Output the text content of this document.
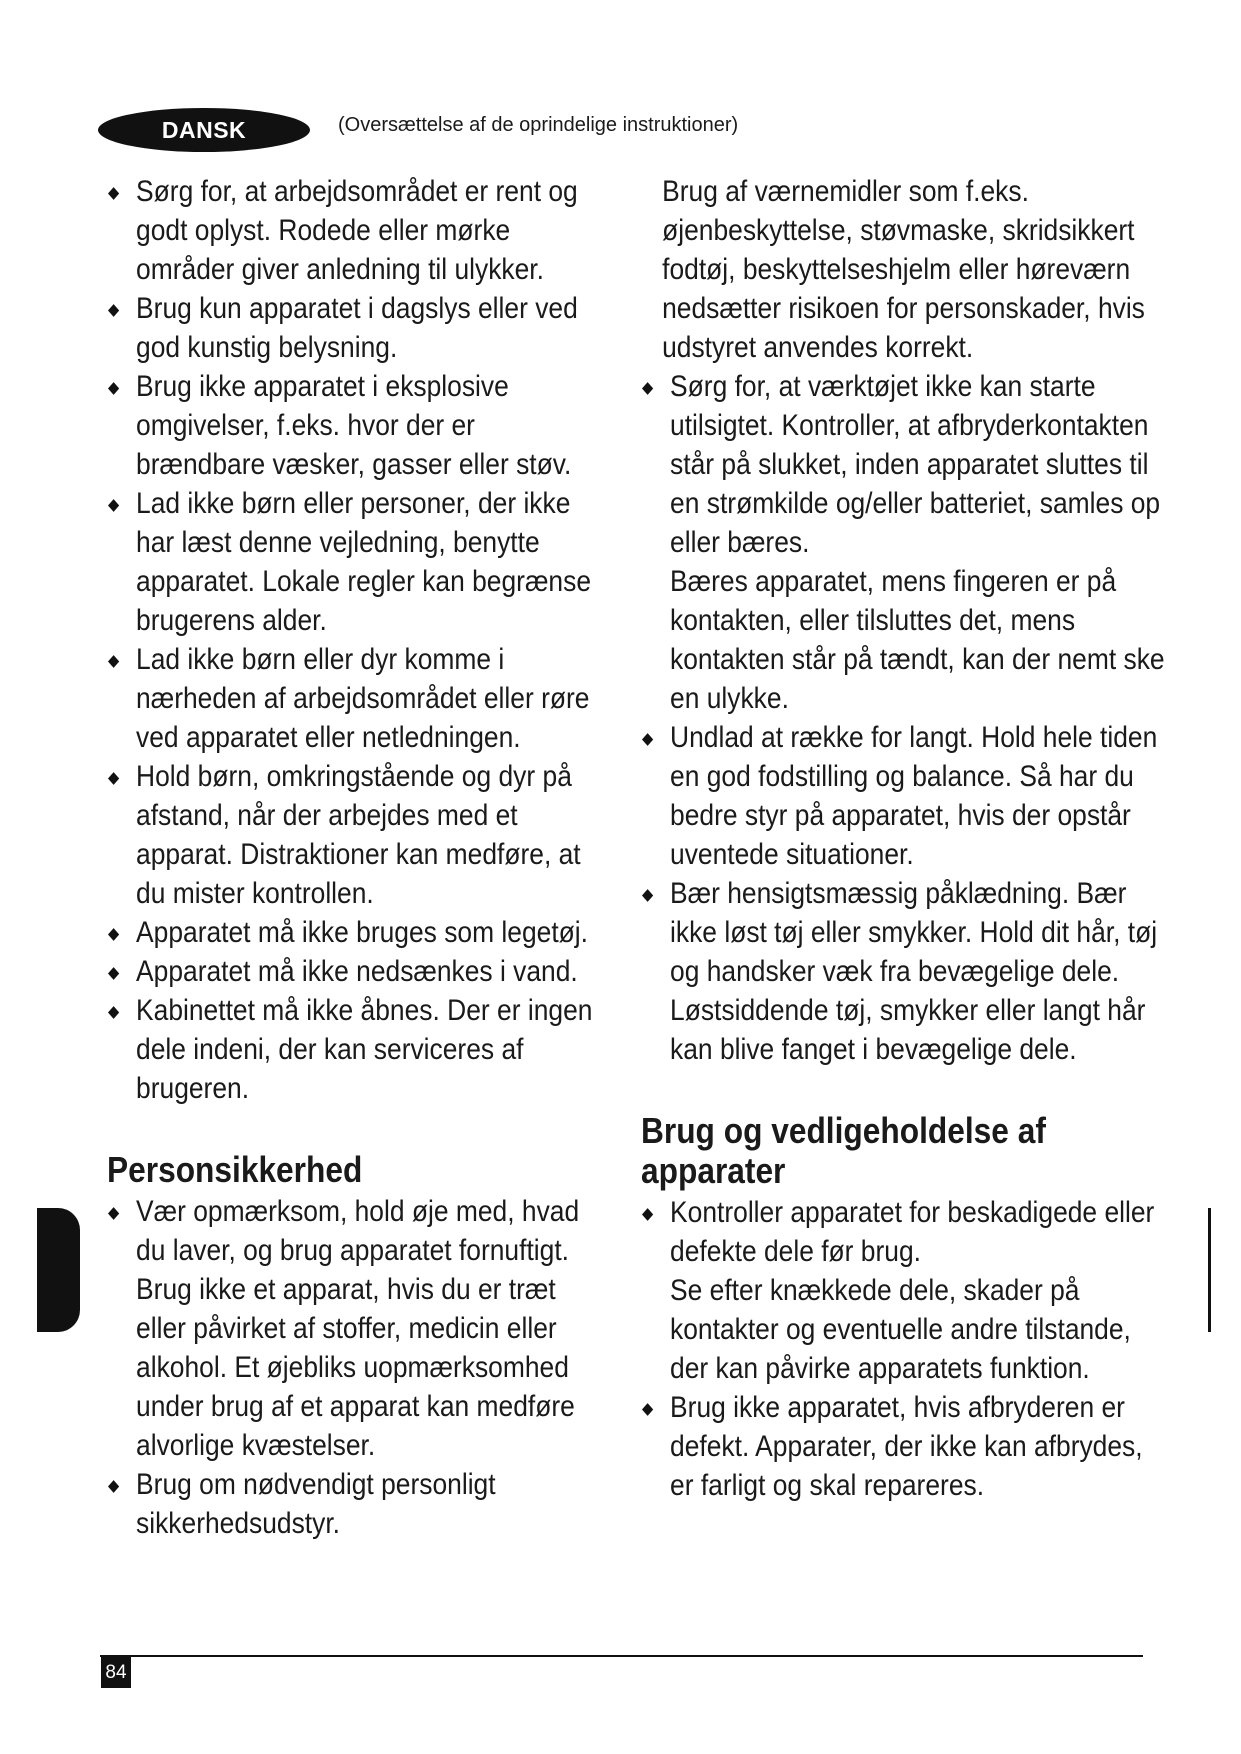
DANSK	(Oversættelse af de oprindelige instruktioner)
Sørg for, at arbejdsområdet er rent og godt oplyst. Rodede eller mørke områder giver anledning til ulykker.
Brug kun apparatet i dagslys eller ved god kunstig belysning.
Brug ikke apparatet i eksplosive omgivelser, f.eks. hvor der er brændbare væsker, gasser eller støv.
Lad ikke børn eller personer, der ikke har læst denne vejledning, benytte apparatet. Lokale regler kan begrænse brugerens alder.
Lad ikke børn eller dyr komme i nærheden af arbejdsområdet eller røre ved apparatet eller netledningen.
Hold børn, omkringstående og dyr på afstand, når der arbejdes med et apparat. Distraktioner kan medføre, at du mister kontrollen.
Apparatet må ikke bruges som legetøj.
Apparatet må ikke nedsænkes i vand.
Kabinettet må ikke åbnes. Der er ingen dele indeni, der kan serviceres af brugeren.
Personsikkerhed
Vær opmærksom, hold øje med, hvad du laver, og brug apparatet fornuftigt. Brug ikke et apparat, hvis du er træt eller påvirket af stoffer, medicin eller alkohol. Et øjebliks uopmærksomhed under brug af et apparat kan medføre alvorlige kvæstelser.
Brug om nødvendigt personligt sikkerhedsudstyr.
Brug af værnemidler som f.eks. øjenbeskyttelse, støvmaske, skridsikkert fodtøj, beskyttelseshjelm eller høreværn nedsætter risikoen for personskader, hvis udstyret anvendes korrekt.
Sørg for, at værktøjet ikke kan starte utilsigtet. Kontroller, at afbryderkontakten står på slukket, inden apparatet sluttes til en strømkilde og/eller batteriet, samles op eller bæres.
Bæres apparatet, mens fingeren er på kontakten, eller tilsluttes det, mens kontakten står på tændt, kan der nemt ske en ulykke.
Undlad at række for langt. Hold hele tiden en god fodstilling og balance. Så har du bedre styr på apparatet, hvis der opstår uventede situationer.
Bær hensigtsmæssig påklædning. Bær ikke løst tøj eller smykker. Hold dit hår, tøj og handsker væk fra bevægelige dele. Løstsiddende tøj, smykker eller langt hår kan blive fanget i bevægelige dele.
Brug og vedligeholdelse af apparater
Kontroller apparatet for beskadigede eller defekte dele før brug.
Se efter knækkede dele, skader på kontakter og eventuelle andre tilstande, der kan påvirke apparatets funktion.
Brug ikke apparatet, hvis afbryderen er defekt. Apparater, der ikke kan afbrydes, er farligt og skal repareres.
84
